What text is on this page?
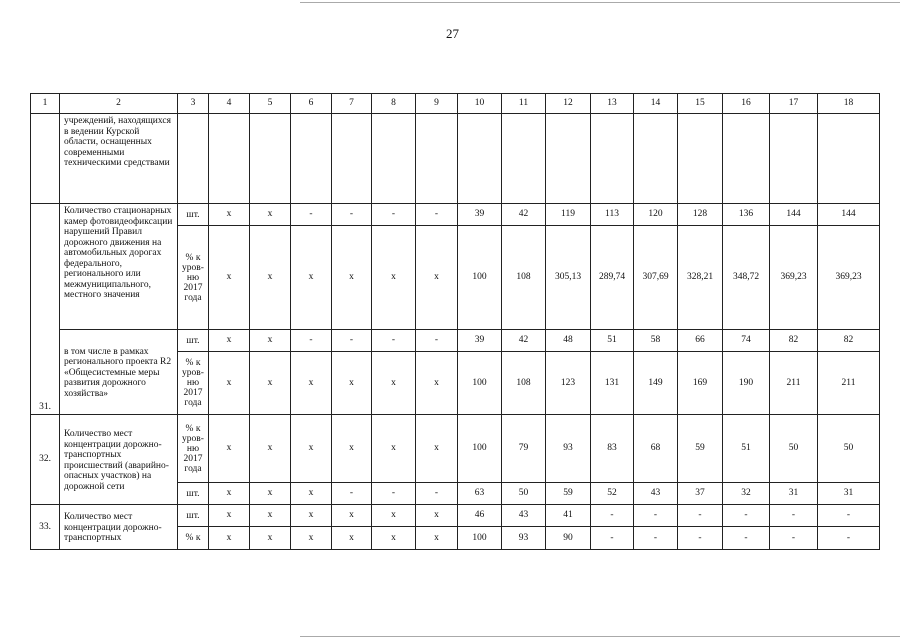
27
1	2	3	4	5	6	7	8	9	10	11	12	13	14	15	16	17	18
	учреждений, находящихся в ведении Курской области, оснащенных современными техническими средствами																
31.	Количество стационарных камер фотовидеофиксации нарушений Правил дорожного движения на автомобильных дорогах федерального, регионального или межмуниципального, местного значения	шт.	x	x	-	-	-	-	39	42	119	113	120	128	136	144	144
		% к уров-ню 2017 года	x	x	x	x	x	x	100	108	305,13	289,74	307,69	328,21	348,72	369,23	369,23
	в том числе в рамках регионального проекта R2 «Общесистемные меры развития дорожного хозяйства»	шт.	x	x	-	-	-	-	39	42	48	51	58	66	74	82	82
		% к уров-ню 2017 года	x	x	x	x	x	x	100	108	123	131	149	169	190	211	211
32.	Количество мест концентрации дорожно-транспортных происшествий (аварийно- опасных участков) на дорожной сети	% к уров-ню 2017 года	x	x	x	x	x	x	100	79	93	83	68	59	51	50	50
		шт.	x	x	x	-	-	-	63	50	59	52	43	37	32	31	31
33.	Количество мест концентрации дорожно-транспортных	шт.	x	x	x	x	x	x	46	43	41	-	-	-	-	-	-
		% к	x	x	x	x	x	x	100	93	90	-	-	-	-	-	-
